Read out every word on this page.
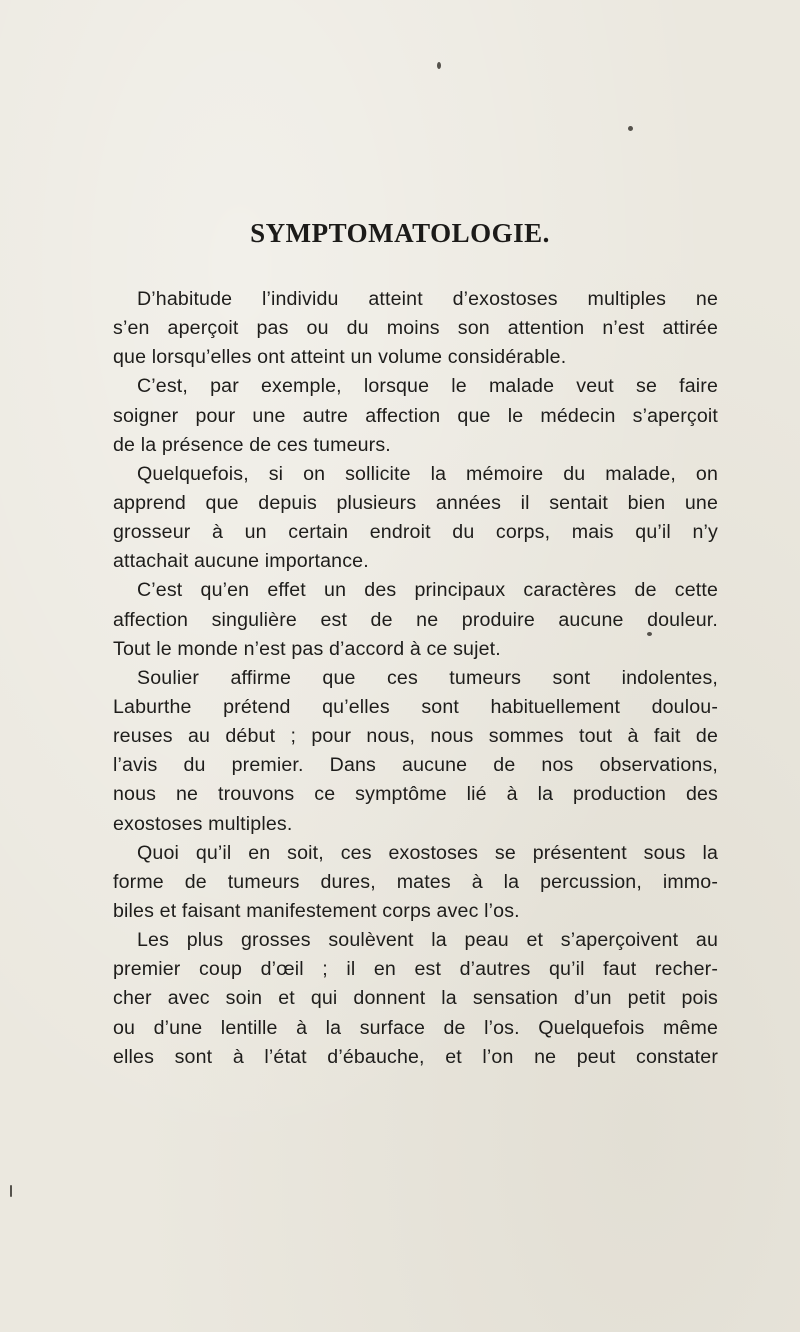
SYMPTOMATOLOGIE.
D’habitude l’individu atteint d’exostoses multiples ne
s’en aperçoit pas ou du moins son attention n’est attirée
que lorsqu’elles ont atteint un volume considérable.
C’est, par exemple, lorsque le malade veut se faire
soigner pour une autre affection que le médecin s’aperçoit
de la présence de ces tumeurs.
Quelquefois, si on sollicite la mémoire du malade, on
apprend que depuis plusieurs années il sentait bien une
grosseur à un certain endroit du corps, mais qu’il n’y
attachait aucune importance.
C’est qu’en effet un des principaux caractères de cette
affection singulière est de ne produire aucune douleur.
Tout le monde n’est pas d’accord à ce sujet.
Soulier affirme que ces tumeurs sont indolentes,
Laburthe prétend qu’elles sont habituellement doulou-
reuses au début ; pour nous, nous sommes tout à fait de
l’avis du premier. Dans aucune de nos observations,
nous ne trouvons ce symptôme lié à la production des
exostoses multiples.
Quoi qu’il en soit, ces exostoses se présentent sous la
forme de tumeurs dures, mates à la percussion, immo-
biles et faisant manifestement corps avec l’os.
Les plus grosses soulèvent la peau et s’aperçoivent au
premier coup d’œil ; il en est d’autres qu’il faut recher-
cher avec soin et qui donnent la sensation d’un petit pois
ou d’une lentille à la surface de l’os. Quelquefois même
elles sont à l’état d’ébauche, et l’on ne peut constater
